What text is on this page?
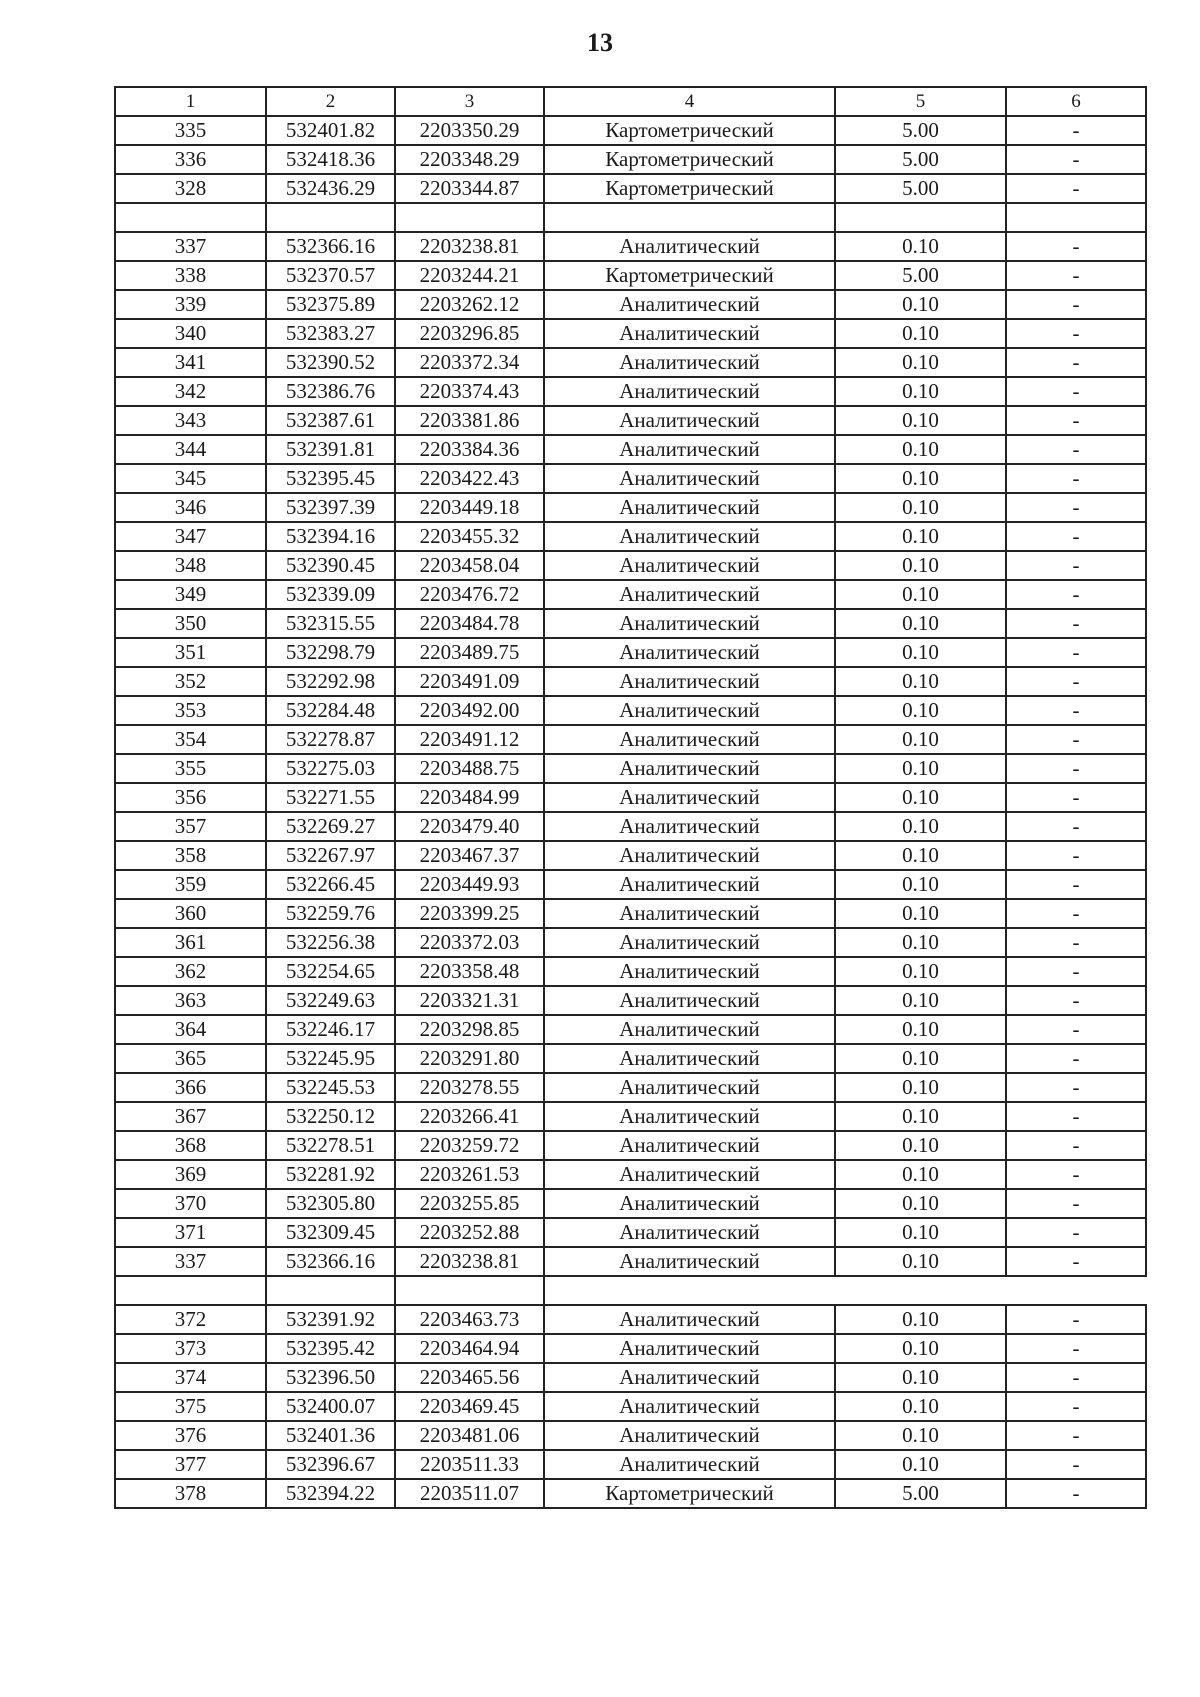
13
1	2	3	4	5	6
335	532401.82	2203350.29	Картометрический	5.00	-
336	532418.36	2203348.29	Картометрический	5.00	-
328	532436.29	2203344.87	Картометрический	5.00	-

337	532366.16	2203238.81	Аналитический	0.10	-
338	532370.57	2203244.21	Картометрический	5.00	-
339	532375.89	2203262.12	Аналитический	0.10	-
340	532383.27	2203296.85	Аналитический	0.10	-
341	532390.52	2203372.34	Аналитический	0.10	-
342	532386.76	2203374.43	Аналитический	0.10	-
343	532387.61	2203381.86	Аналитический	0.10	-
344	532391.81	2203384.36	Аналитический	0.10	-
345	532395.45	2203422.43	Аналитический	0.10	-
346	532397.39	2203449.18	Аналитический	0.10	-
347	532394.16	2203455.32	Аналитический	0.10	-
348	532390.45	2203458.04	Аналитический	0.10	-
349	532339.09	2203476.72	Аналитический	0.10	-
350	532315.55	2203484.78	Аналитический	0.10	-
351	532298.79	2203489.75	Аналитический	0.10	-
352	532292.98	2203491.09	Аналитический	0.10	-
353	532284.48	2203492.00	Аналитический	0.10	-
354	532278.87	2203491.12	Аналитический	0.10	-
355	532275.03	2203488.75	Аналитический	0.10	-
356	532271.55	2203484.99	Аналитический	0.10	-
357	532269.27	2203479.40	Аналитический	0.10	-
358	532267.97	2203467.37	Аналитический	0.10	-
359	532266.45	2203449.93	Аналитический	0.10	-
360	532259.76	2203399.25	Аналитический	0.10	-
361	532256.38	2203372.03	Аналитический	0.10	-
362	532254.65	2203358.48	Аналитический	0.10	-
363	532249.63	2203321.31	Аналитический	0.10	-
364	532246.17	2203298.85	Аналитический	0.10	-
365	532245.95	2203291.80	Аналитический	0.10	-
366	532245.53	2203278.55	Аналитический	0.10	-
367	532250.12	2203266.41	Аналитический	0.10	-
368	532278.51	2203259.72	Аналитический	0.10	-
369	532281.92	2203261.53	Аналитический	0.10	-
370	532305.80	2203255.85	Аналитический	0.10	-
371	532309.45	2203252.88	Аналитический	0.10	-
337	532366.16	2203238.81	Аналитический	0.10	-

372	532391.92	2203463.73	Аналитический	0.10	-
373	532395.42	2203464.94	Аналитический	0.10	-
374	532396.50	2203465.56	Аналитический	0.10	-
375	532400.07	2203469.45	Аналитический	0.10	-
376	532401.36	2203481.06	Аналитический	0.10	-
377	532396.67	2203511.33	Аналитический	0.10	-
378	532394.22	2203511.07	Картометрический	5.00	-
